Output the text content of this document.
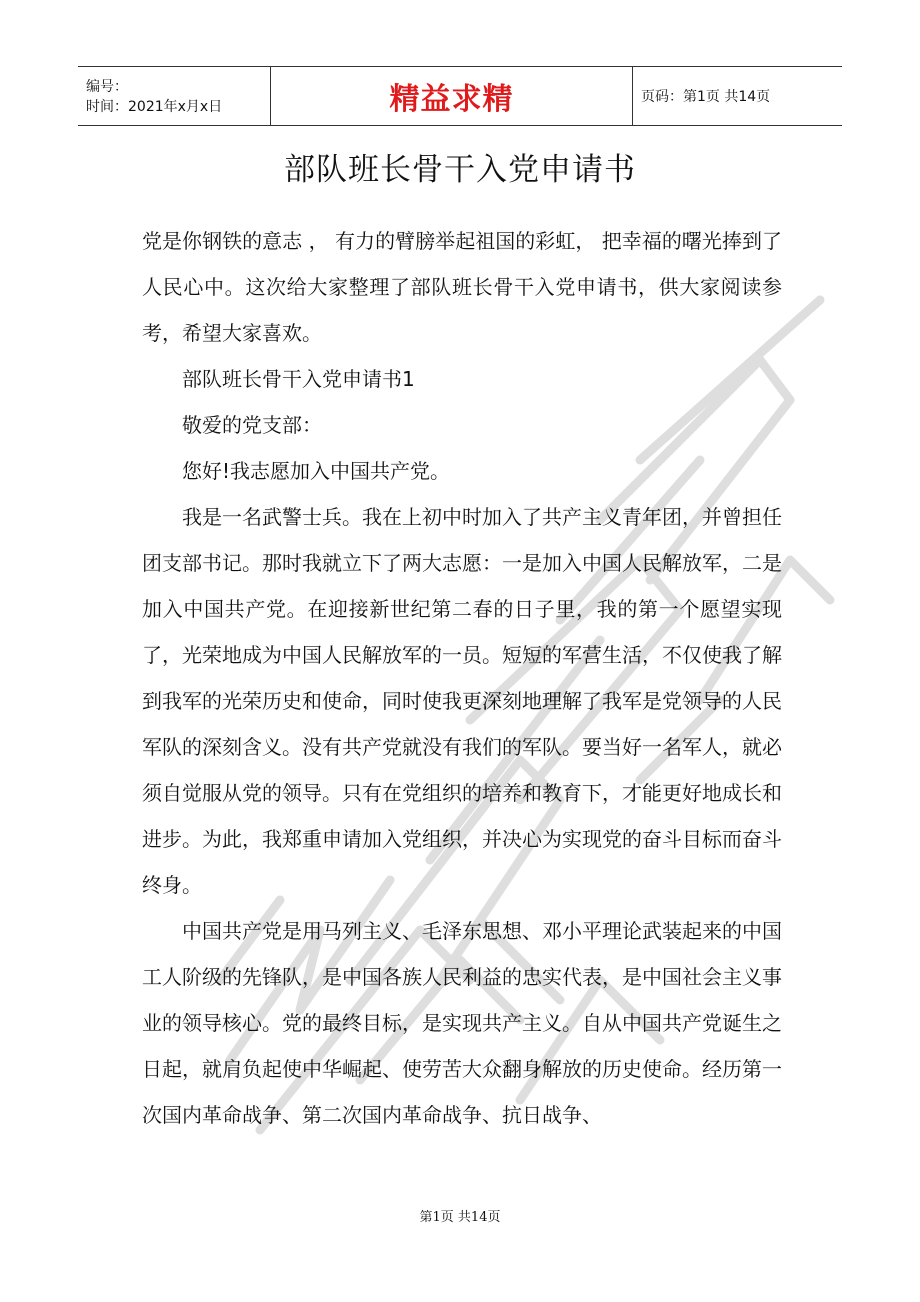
编号：
时间：2021年x月x日	精益求精	页码：第1页 共14页
部队班长骨干入党申请书

党是你钢铁的意志 ， 有力的臂膀举起祖国的彩虹， 把幸福的曙光捧到了人民心中。这次给大家整理了部队班长骨干入党申请书，供大家阅读参考，希望大家喜欢。

部队班长骨干入党申请书1

敬爱的党支部：

您好!我志愿加入中国共产党。

我是一名武警士兵。我在上初中时加入了共产主义青年团，并曾担任团支部书记。那时我就立下了两大志愿：一是加入中国人民解放军，二是加入中国共产党。在迎接新世纪第二春的日子里，我的第一个愿望实现了，光荣地成为中国人民解放军的一员。短短的军营生活，不仅使我了解到我军的光荣历史和使命，同时使我更深刻地理解了我军是党领导的人民军队的深刻含义。没有共产党就没有我们的军队。要当好一名军人，就必须自觉服从党的领导。只有在党组织的培养和教育下，才能更好地成长和进步。为此，我郑重申请加入党组织，并决心为实现党的奋斗目标而奋斗终身。

中国共产党是用马列主义、毛泽东思想、邓小平理论武装起来的中国工人阶级的先锋队，是中国各族人民利益的忠实代表，是中国社会主义事业的领导核心。党的最终目标，是实现共产主义。自从中国共产党诞生之日起，就肩负起使中华崛起、使劳苦大众翻身解放的历史使命。经历第一次国内革命战争、第二次国内革命战争、抗日战争、

第1页 共14页
